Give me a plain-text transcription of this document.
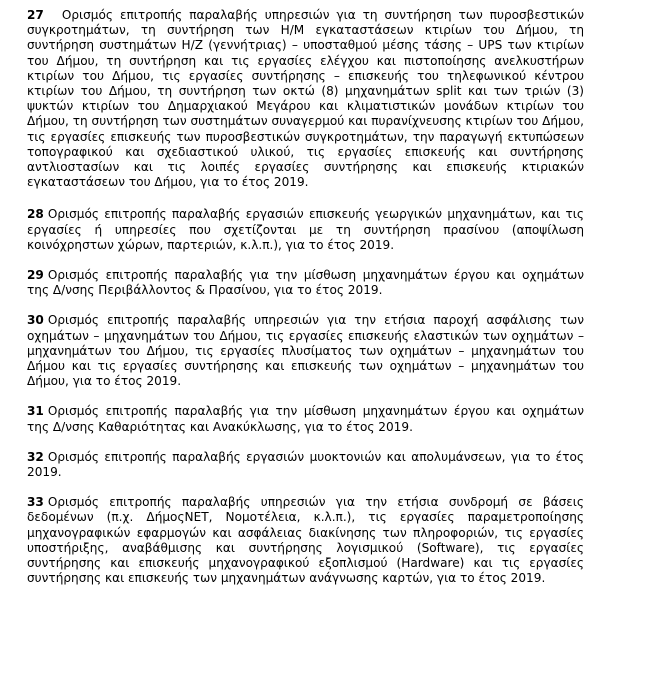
27 Ορισμός επιτροπής παραλαβής υπηρεσιών για τη συντήρηση των πυροσβεστικών συγκροτημάτων, τη συντήρηση των Η/Μ εγκαταστάσεων κτιρίων του Δήμου, τη συντήρηση συστημάτων Η/Ζ (γεννήτριας) – υποσταθμού μέσης τάσης – UPS των κτιρίων του Δήμου, τη συντήρηση και τις εργασίες ελέγχου και πιστοποίησης ανελκυστήρων κτιρίων του Δήμου, τις εργασίες συντήρησης – επισκευής του τηλεφωνικού κέντρου κτιρίων του Δήμου, τη συντήρηση των οκτώ (8) μηχανημάτων split και των τριών (3) ψυκτών κτιρίων του Δημαρχιακού Μεγάρου και κλιματιστικών μονάδων κτιρίων του Δήμου, τη συντήρηση των συστημάτων συναγερμού και πυρανίχνευσης κτιρίων του Δήμου, τις εργασίες επισκευής των πυροσβεστικών συγκροτημάτων, την παραγωγή εκτυπώσεων τοπογραφικού και σχεδιαστικού υλικού, τις εργασίες επισκευής και συντήρησης αντλιοστασίων και τις λοιπές εργασίες συντήρησης και επισκευής κτιριακών εγκαταστάσεων του Δήμου, για το έτος 2019.
28 Ορισμός επιτροπής παραλαβής εργασιών επισκευής γεωργικών μηχανημάτων, και τις εργασίες ή υπηρεσίες που σχετίζονται με τη συντήρηση πρασίνου (αποψίλωση κοινόχρηστων χώρων, παρτεριών, κ.λ.π.), για το έτος 2019.
29 Ορισμός επιτροπής παραλαβής για την μίσθωση μηχανημάτων έργου και οχημάτων της Δ/νσης Περιβάλλοντος & Πρασίνου, για το έτος 2019.
30 Ορισμός επιτροπής παραλαβής υπηρεσιών για την ετήσια παροχή ασφάλισης των οχημάτων – μηχανημάτων του Δήμου, τις εργασίες επισκευής ελαστικών των οχημάτων – μηχανημάτων του Δήμου, τις εργασίες πλυσίματος των οχημάτων – μηχανημάτων του Δήμου και τις εργασίες συντήρησης και επισκευής των οχημάτων – μηχανημάτων του Δήμου, για το έτος 2019.
31 Ορισμός επιτροπής παραλαβής για την μίσθωση μηχανημάτων έργου και οχημάτων της Δ/νσης Καθαριότητας και Ανακύκλωσης, για το έτος 2019.
32 Ορισμός επιτροπής παραλαβής εργασιών μυοκτονιών και απολυμάνσεων, για το έτος 2019.
33 Ορισμός επιτροπής παραλαβής υπηρεσιών για την ετήσια συνδρομή σε βάσεις δεδομένων (π.χ. ΔήμοςNET, Νομοτέλεια, κ.λ.π.), τις εργασίες παραμετροποίησης μηχανογραφικών εφαρμογών και ασφάλειας διακίνησης των πληροφοριών, τις εργασίες υποστήριξης, αναβάθμισης και συντήρησης λογισμικού (Software), τις εργασίες συντήρησης και επισκευής μηχανογραφικού εξοπλισμού (Hardware) και τις εργασίες συντήρησης και επισκευής των μηχανημάτων ανάγνωσης καρτών, για το έτος 2019.
